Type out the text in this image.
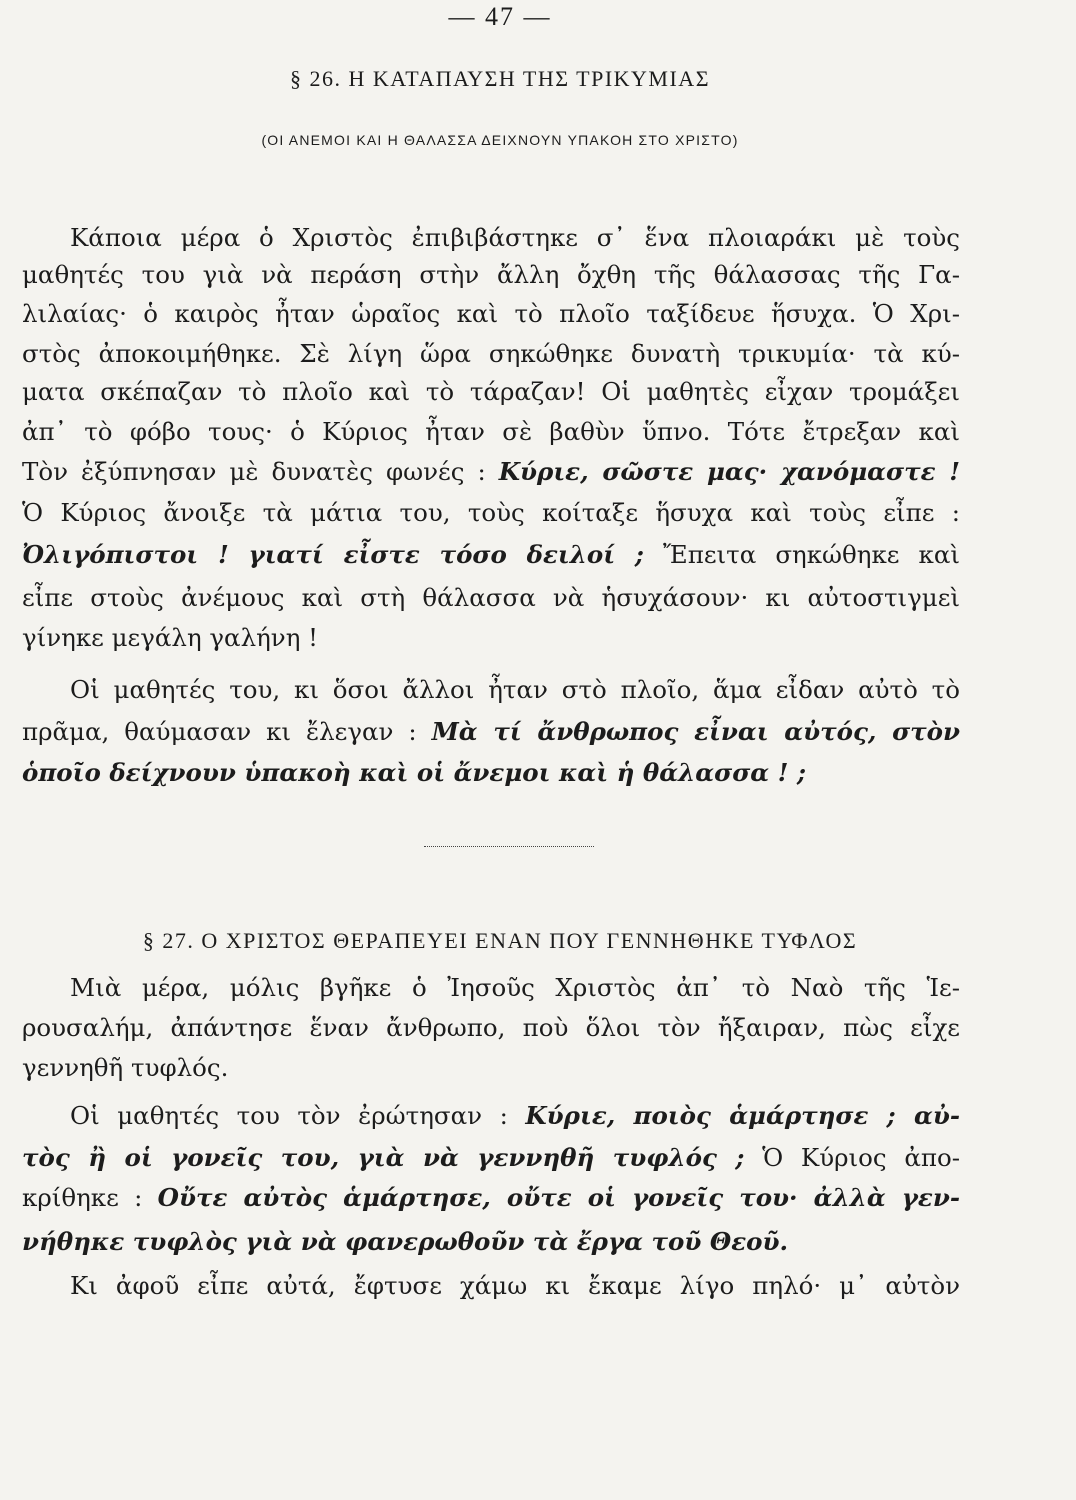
— 47 —
§ 26. Η ΚΑΤΑΠΑΥΣΗ ΤΗΣ ΤΡΙΚΥΜΙΑΣ
(ΟΙ ΑΝΕΜΟΙ ΚΑΙ Η ΘΑΛΑΣΣΑ ΔΕΙΧΝΟΥΝ ΥΠΑΚΟΗ ΣΤΟ ΧΡΙΣΤΟ)
Κάποια μέρα ὁ Χριστὸς ἐπιβιβάστηκε σ᾽ ἕνα πλοιαράκι μὲ τοὺς
μαθητές του γιὰ νὰ περάση στὴν ἄλλη ὄχθη τῆς θάλασσας τῆς Γα-
λιλαίας· ὁ καιρὸς ἦταν ὡραῖος καὶ τὸ πλοῖο ταξίδευε ἥσυχα. Ὁ Χρι-
στὸς ἀποκοιμήθηκε. Σὲ λίγη ὥρα σηκώθηκε δυνατὴ τρικυμία· τὰ κύ-
ματα σκέπαζαν τὸ πλοῖο καὶ τὸ τάραζαν! Οἱ μαθητὲς εἶχαν τρομάξει
ἀπ᾽ τὸ φόβο τους· ὁ Κύριος ἦταν σὲ βαθὺν ὕπνο. Τότε ἔτρεξαν καὶ
Τὸν ἐξύπνησαν μὲ δυνατὲς φωνές : Κύριε, σῶστε μας· χανόμαστε !
Ὁ Κύριος ἄνοιξε τὰ μάτια του, τοὺς κοίταξε ἥσυχα καὶ τοὺς εἶπε :
Ὀλιγόπιστοι ! γιατί εἶστε τόσο δειλοί ; Ἔπειτα σηκώθηκε καὶ
εἶπε στοὺς ἀνέμους καὶ στὴ θάλασσα νὰ ἡσυχάσουν· κι αὐτοστιγμεὶ
γίνηκε μεγάλη γαλήνη !
Οἱ μαθητές του, κι ὅσοι ἄλλοι ἦταν στὸ πλοῖο, ἅμα εἶδαν αὐτὸ τὸ
πρᾶμα, θαύμασαν κι ἔλεγαν : Μὰ τί ἄνθρωπος εἶναι αὐτός, στὸν
ὁποῖο δείχνουν ὑπακοὴ καὶ οἱ ἄνεμοι καὶ ἡ θάλασσα ! ;
§ 27. Ο ΧΡΙΣΤΟΣ ΘΕΡΑΠΕΥΕΙ ΕΝΑΝ ΠΟΥ ΓΕΝΝΗΘΗΚΕ ΤΥΦΛΟΣ
Μιὰ μέρα, μόλις βγῆκε ὁ Ἰησοῦς Χριστὸς ἀπ᾽ τὸ Ναὸ τῆς Ἱε-
ρουσαλήμ, ἀπάντησε ἕναν ἄνθρωπο, ποὺ ὅλοι τὸν ἤξαιραν, πὼς εἶχε
γεννηθῆ τυφλός.
Οἱ μαθητές του τὸν ἐρώτησαν : Κύριε, ποιὸς ἁμάρτησε ; αὐ-
τὸς ἢ οἱ γονεῖς του, γιὰ νὰ γεννηθῆ τυφλός ; Ὁ Κύριος ἀπο-
κρίθηκε : Οὔτε αὐτὸς ἁμάρτησε, οὔτε οἱ γονεῖς του· ἀλλὰ γεν-
νήθηκε τυφλὸς γιὰ νὰ φανερωθοῦν τὰ ἔργα τοῦ Θεοῦ.
Κι ἀφοῦ εἶπε αὐτά, ἔφτυσε χάμω κι ἔκαμε λίγο πηλό· μ᾽ αὐτὸν
